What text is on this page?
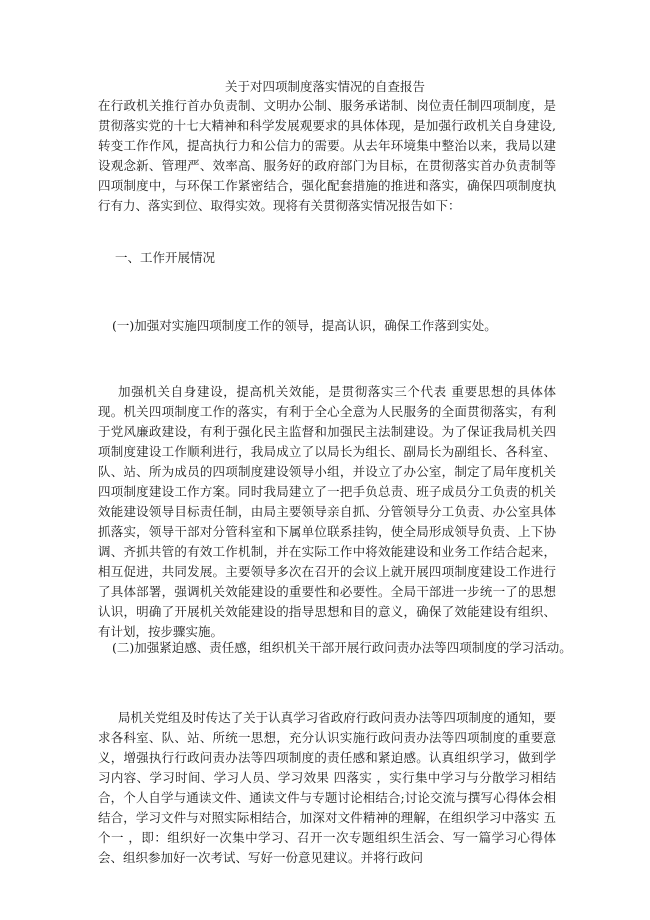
关于对四项制度落实情况的自查报告

在行政机关推行首办负责制、文明办公制、服务承诺制、岗位责任制四项制度，是贯彻落实党的十七大精神和科学发展观要求的具体体现，是加强行政机关自身建设,转变工作作风，提高执行力和公信力的需要。从去年环境集中整治以来，我局以建设观念新、管理严、效率高、服务好的政府部门为目标，在贯彻落实首办负责制等四项制度中，与环保工作紧密结合，强化配套措施的推进和落实，确保四项制度执行有力、落实到位、取得实效。现将有关贯彻落实情况报告如下：

一、工作开展情况

(一)加强对实施四项制度工作的领导，提高认识，确保工作落到实处。

加强机关自身建设，提高机关效能，是贯彻落实三个代表 重要思想的具体体现。机关四项制度工作的落实，有利于全心全意为人民服务的全面贯彻落实，有利于党风廉政建设，有利于强化民主监督和加强民主法制建设。为了保证我局机关四项制度建设工作顺利进行，我局成立了以局长为组长、副局长为副组长、各科室、队、站、所为成员的四项制度建设领导小组，并设立了办公室，制定了局年度机关四项制度建设工作方案。同时我局建立了一把手负总责、班子成员分工负责的机关效能建设领导目标责任制，由局主要领导亲自抓、分管领导分工负责、办公室具体抓落实，领导干部对分管科室和下属单位联系挂钩，使全局形成领导负责、上下协调、齐抓共管的有效工作机制，并在实际工作中将效能建设和业务工作结合起来，相互促进，共同发展。主要领导多次在召开的会议上就开展四项制度建设工作进行了具体部署，强调机关效能建设的重要性和必要性。全局干部进一步统一了的思想认识，明确了开展机关效能建设的指导思想和目的意义，确保了效能建设有组织、有计划，按步骤实施。

(二)加强紧迫感、责任感，组织机关干部开展行政问责办法等四项制度的学习活动。

局机关党组及时传达了关于认真学习省政府行政问责办法等四项制度的通知，要求各科室、队、站、所统一思想，充分认识实施行政问责办法等四项制度的重要意义，增强执行行政问责办法等四项制度的责任感和紧迫感。认真组织学习，做到学习内容、学习时间、学习人员、学习效果 四落实 ，实行集中学习与分散学习相结合，个人自学与通读文件、通读文件与专题讨论相结合;讨论交流与撰写心得体会相结合，学习文件与对照实际相结合，加深对文件精神的理解，在组织学习中落实 五个一 ，即：组织好一次集中学习、召开一次专题组织生活会、写一篇学习心得体会、组织参加好一次考试、写好一份意见建议。并将行政问
